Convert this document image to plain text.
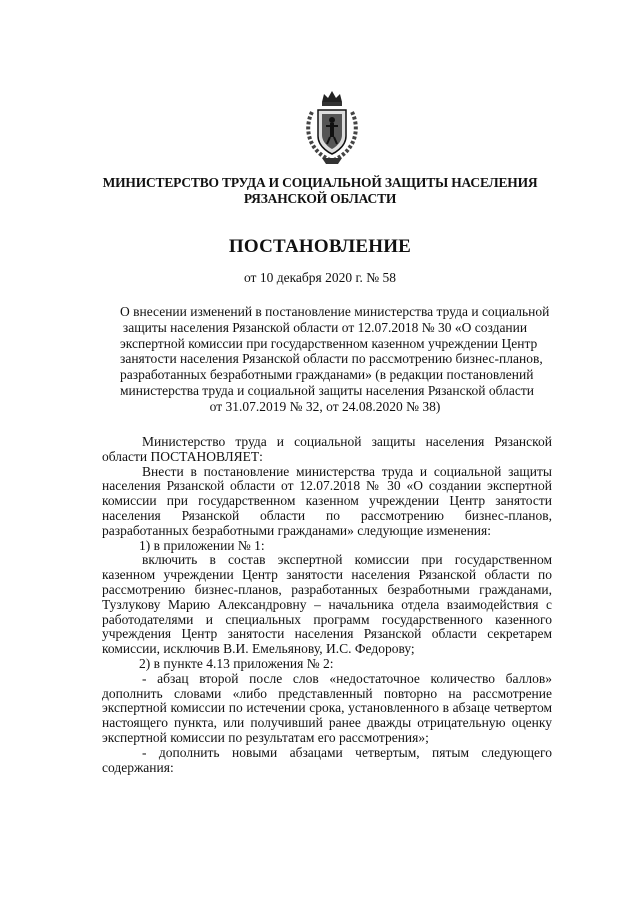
МИНИСТЕРСТВО ТРУДА И СОЦИАЛЬНОЙ ЗАЩИТЫ НАСЕЛЕНИЯ
РЯЗАНСКОЙ ОБЛАСТИ
ПОСТАНОВЛЕНИЕ
от 10 декабря 2020 г. № 58
О внесении изменений в постановление министерства труда и социальной
защиты населения Рязанской области от 12.07.2018 № 30 «О создании
экспертной комиссии при государственном казенном учреждении Центр
занятости населения Рязанской области по рассмотрению бизнес-планов,
разработанных безработными гражданами» (в редакции постановлений
министерства труда и социальной защиты населения Рязанской области
от 31.07.2019 № 32, от 24.08.2020 № 38)

Министерство труда и социальной защиты населения Рязанской области ПОСТАНОВЛЯЕТ:

Внести в постановление министерства труда и социальной защиты населения Рязанской области от 12.07.2018 № 30 «О создании экспертной комиссии при государственном казенном учреждении Центр занятости населения Рязанской области по рассмотрению бизнес-планов, разработанных безработными гражданами» следующие изменения:

1) в приложении № 1:

включить в состав экспертной комиссии при государственном казенном учреждении Центр занятости населения Рязанской области по рассмотрению бизнес-планов, разработанных безработными гражданами, Тузлукову Марию Александровну – начальника отдела взаимодействия с работодателями и специальных программ государственного казенного учреждения Центр занятости населения Рязанской области секретарем комиссии, исключив В.И. Емельянову, И.С. Федорову;

2) в пункте 4.13 приложения № 2:

- абзац второй после слов «недостаточное количество баллов» дополнить словами «либо представленный повторно на рассмотрение экспертной комиссии по истечении срока, установленного в абзаце четвертом настоящего пункта, или получивший ранее дважды отрицательную оценку экспертной комиссии по результатам его рассмотрения»;

- дополнить новыми абзацами четвертым, пятым следующего

содержания:
